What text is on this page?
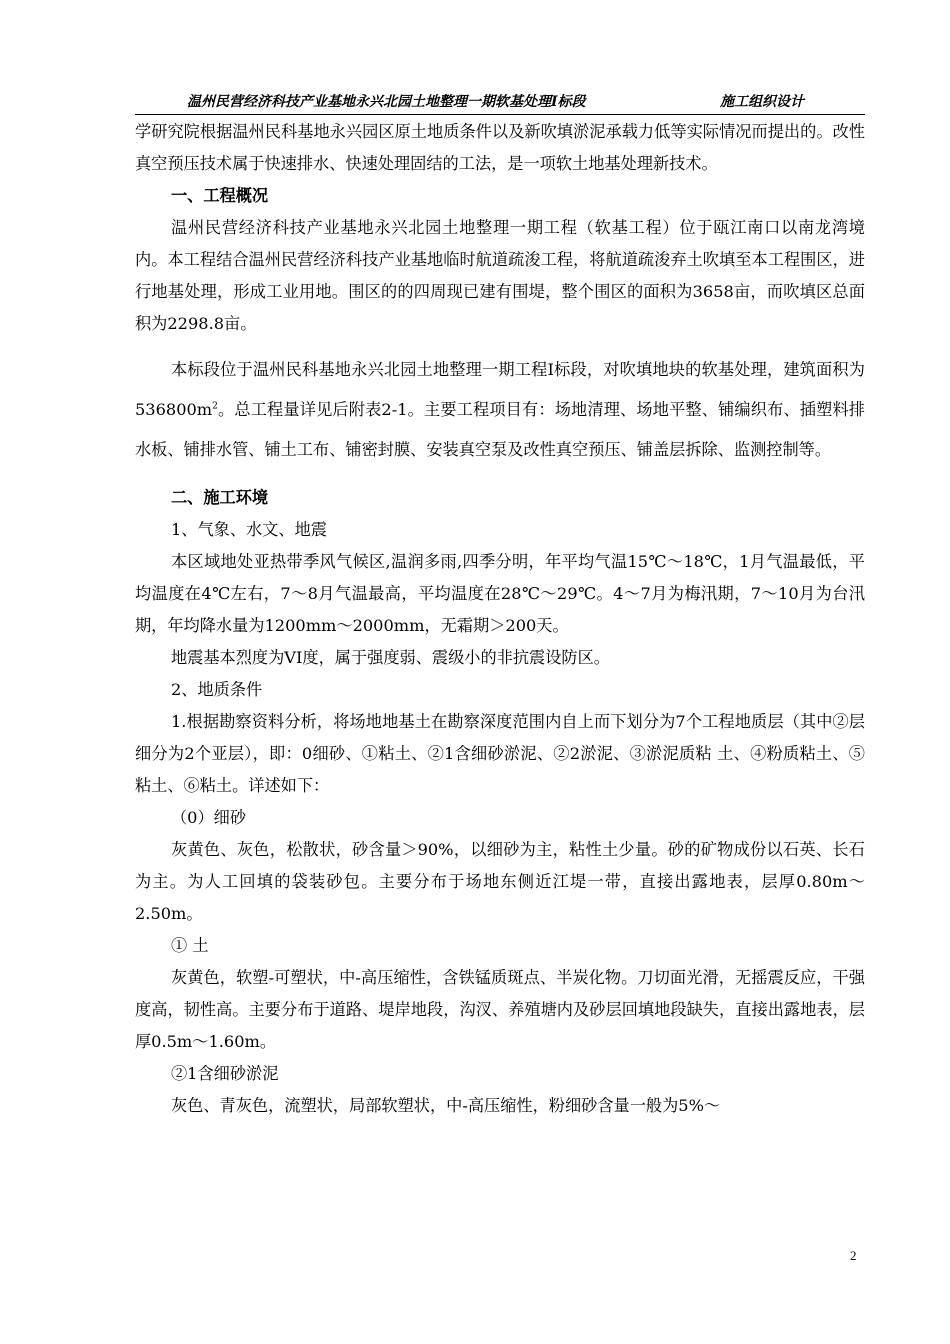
温州民营经济科技产业基地永兴北园土地整理一期软基处理Ⅰ标段	施工组织设计

学研究院根据温州民科基地永兴园区原土地质条件以及新吹填淤泥承载力低等实际情况而提出的。改性真空预压技术属于快速排水、快速处理固结的工法，是一项软土地基处理新技术。

一、工程概况

温州民营经济科技产业基地永兴北园土地整理一期工程（软基工程）位于瓯江南口以南龙湾境内。本工程结合温州民营经济科技产业基地临时航道疏浚工程，将航道疏浚弃土吹填至本工程围区，进行地基处理，形成工业用地。围区的的四周现已建有围堤，整个围区的面积为3658亩，而吹填区总面积为2298.8亩。

本标段位于温州民科基地永兴北园土地整理一期工程Ⅰ标段，对吹填地块的软基处理，建筑面积为$536800m^2$。总工程量详见后附表2-1。主要工程项目有：场地清理、场地平整、铺编织布、插塑料排水板、铺排水管、铺土工布、铺密封膜、安装真空泵及改性真空预压、铺盖层拆除、监测控制等。

二、施工环境

1、气象、水文、地震

本区域地处亚热带季风气候区,温润多雨,四季分明，年平均气温15℃～18℃，1月气温最低，平均温度在4℃左右，7～8月气温最高，平均温度在28℃～29℃。4～7月为梅汛期，7～10月为台汛期，年均降水量为1200mm～2000mm，无霜期＞200天。

地震基本烈度为VI度，属于强度弱、震级小的非抗震设防区。

2、地质条件

1.根据勘察资料分析，将场地地基土在勘察深度范围内自上而下划分为7个工程地质层（其中②层细分为2个亚层），即：0细砂、①粘土、②1含细砂淤泥、②2淤泥、③淤泥质粘 土、④粉质粘土、⑤粘土、⑥粘土。详述如下：

（0）细砂

灰黄色、灰色，松散状，砂含量＞90%，以细砂为主，粘性土少量。砂的矿物成份以石英、长石为主。为人工回填的袋装砂包。主要分布于场地东侧近江堤一带，直接出露地表，层厚0.80m～2.50m。

① 土

灰黄色，软塑-可塑状，中-高压缩性，含铁锰质斑点、半炭化物。刀切面光滑，无摇震反应，干强度高，韧性高。主要分布于道路、堤岸地段，沟汊、养殖塘内及砂层回填地段缺失，直接出露地表，层厚0.5m～1.60m。

②1含细砂淤泥

灰色、青灰色，流塑状，局部软塑状，中-高压缩性，粉细砂含量一般为5%～

2
